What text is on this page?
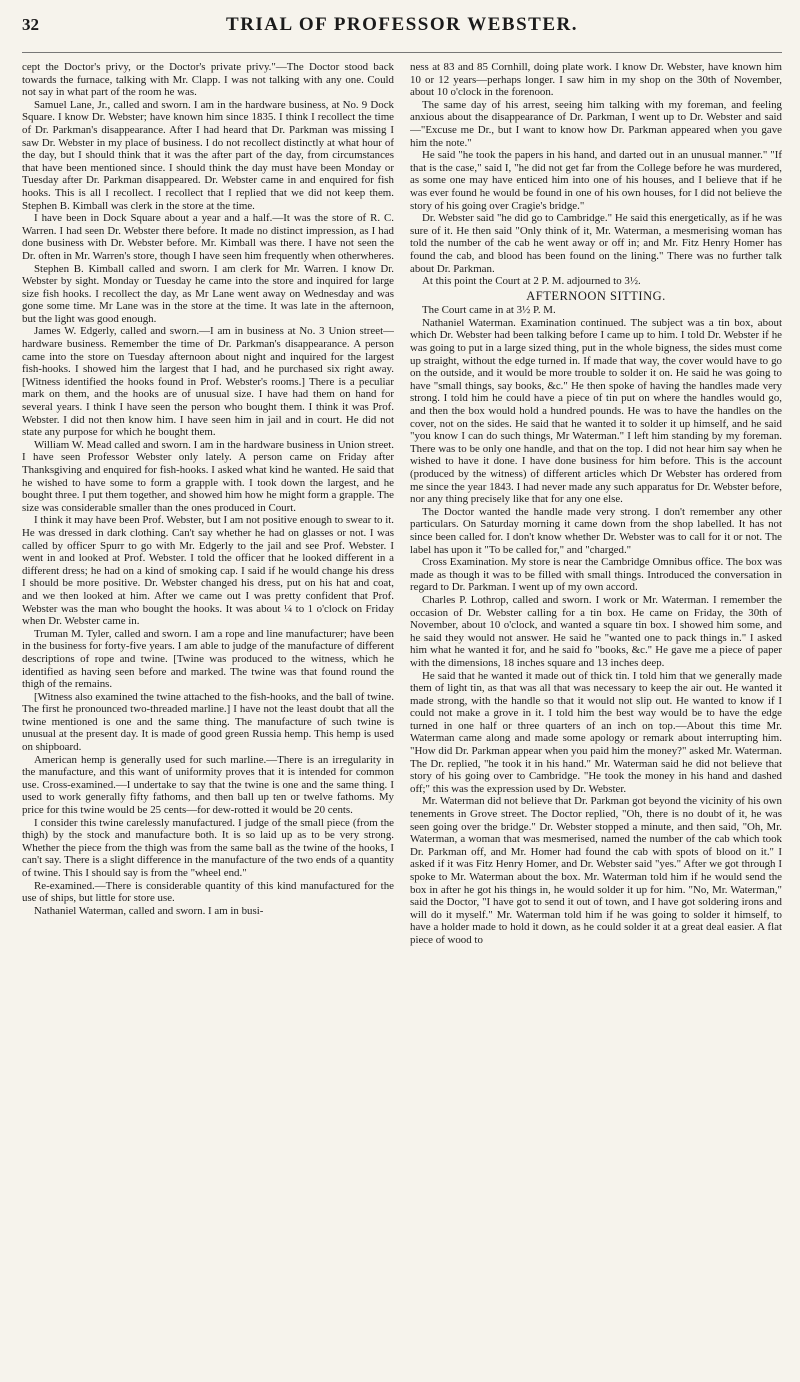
32	TRIAL OF PROFESSOR WEBSTER.

cept the Doctor's privy, or the Doctor's private privy."—The Doctor stood back towards the furnace, talking with Mr. Clapp. I was not talking with any one. Could not say in what part of the room he was.

Samuel Lane, Jr., called and sworn. I am in the hardware business, at No. 9 Dock Square. I know Dr. Webster; have known him since 1835. I think I recollect the time of Dr. Parkman's disappearance. After I had heard that Dr. Parkman was missing I saw Dr. Webster in my place of business. I do not recollect distinctly at what hour of the day, but I should think that it was the after part of the day, from circumstances that have been mentioned since. I should think the day must have been Monday or Tuesday after Dr. Parkman disappeared. Dr. Webster came in and enquired for fish hooks. This is all I recollect. I recollect that I replied that we did not keep them. Stephen B. Kimball was clerk in the store at the time.

I have been in Dock Square about a year and a half.—It was the store of R. C. Warren. I had seen Dr. Webster there before. It made no distinct impression, as I had done business with Dr. Webster before. Mr. Kimball was there. I have not seen the Dr. often in Mr. Warren's store, though I have seen him frequently when otherwheres.

Stephen B. Kimball called and sworn. I am clerk for Mr. Warren. I know Dr. Webster by sight. Monday or Tuesday he came into the store and inquired for large size fish hooks. I recollect the day, as Mr Lane went away on Wednesday and was gone some time. Mr Lane was in the store at the time. It was late in the afternoon, but the light was good enough.

James W. Edgerly, called and sworn.—I am in business at No. 3 Union street—hardware business. Remember the time of Dr. Parkman's disappearance. A person came into the store on Tuesday afternoon about night and inquired for the largest fish-hooks. I showed him the largest that I had, and he purchased six right away. [Witness identified the hooks found in Prof. Webster's rooms.] There is a peculiar mark on them, and the hooks are of unusual size. I have had them on hand for several years. I think I have seen the person who bought them. I think it was Prof. Webster. I did not then know him. I have seen him in jail and in court. He did not state any purpose for which he bought them.

William W. Mead called and sworn. I am in the hardware business in Union street. I have seen Professor Webster only lately. A person came on Friday after Thanksgiving and enquired for fish-hooks. I asked what kind he wanted. He said that he wished to have some to form a grapple with. I took down the largest, and he bought three. I put them together, and showed him how he might form a grapple. The size was considerable smaller than the ones produced in Court.

I think it may have been Prof. Webster, but I am not positive enough to swear to it. He was dressed in dark clothing. Can't say whether he had on glasses or not. I was called by officer Spurr to go with Mr. Edgerly to the jail and see Prof. Webster. I went in and looked at Prof. Webster. I told the officer that he looked different in a different dress; he had on a kind of smoking cap. I said if he would change his dress I should be more positive. Dr. Webster changed his dress, put on his hat and coat, and we then looked at him. After we came out I was pretty confident that Prof. Webster was the man who bought the hooks. It was about ¼ to 1 o'clock on Friday when Dr. Webster came in.

Truman M. Tyler, called and sworn. I am a rope and line manufacturer; have been in the business for forty-five years. I am able to judge of the manufacture of different descriptions of rope and twine. [Twine was produced to the witness, which he identified as having seen before and marked. The twine was that found round the thigh of the remains.

[Witness also examined the twine attached to the fish-hooks, and the ball of twine. The first he pronounced two-threaded marline.] I have not the least doubt that all the twine mentioned is one and the same thing. The manufacture of such twine is unusual at the present day. It is made of good green Russia hemp. This hemp is used on shipboard.

American hemp is generally used for such marline.—There is an irregularity in the manufacture, and this want of uniformity proves that it is intended for common use. Cross-examined.—I undertake to say that the twine is one and the same thing. I used to work generally fifty fathoms, and then ball up ten or twelve fathoms. My price for this twine would be 25 cents—for dew-rotted it would be 20 cents.

I consider this twine carelessly manufactured. I judge of the small piece (from the thigh) by the stock and manufacture both. It is so laid up as to be very strong. Whether the piece from the thigh was from the same ball as the twine of the hooks, I can't say. There is a slight difference in the manufacture of the two ends of a quantity of twine. This I should say is from the "wheel end."

Re-examined.—There is considerable quantity of this kind manufactured for the use of ships, but little for store use.

Nathaniel Waterman, called and sworn. I am in busi-

ness at 83 and 85 Cornhill, doing plate work. I know Dr. Webster, have known him 10 or 12 years—perhaps longer. I saw him in my shop on the 30th of November, about 10 o'clock in the forenoon.

The same day of his arrest, seeing him talking with my foreman, and feeling anxious about the disappearance of Dr. Parkman, I went up to Dr. Webster and said—"Excuse me Dr., but I want to know how Dr. Parkman appeared when you gave him the note."

He said "he took the papers in his hand, and darted out in an unusual manner." "If that is the case," said I, "he did not get far from the College before he was murdered, as some one may have enticed him into one of his houses, and I believe that if he was ever found he would be found in one of his own houses, for I did not believe the story of his going over Cragie's bridge."

Dr. Webster said "he did go to Cambridge." He said this energetically, as if he was sure of it. He then said "Only think of it, Mr. Waterman, a mesmerising woman has told the number of the cab he went away or off in; and Mr. Fitz Henry Homer has found the cab, and blood has been found on the lining." There was no further talk about Dr. Parkman.

At this point the Court at 2 P. M. adjourned to 3½.

AFTERNOON SITTING.

The Court came in at 3½ P. M.

Nathaniel Waterman. Examination continued. The subject was a tin box, about which Dr. Webster had been talking before I came up to him. I told Dr. Webster if he was going to put in a large sized thing, put in the whole bigness, the sides must come up straight, without the edge turned in. If made that way, the cover would have to go on the outside, and it would be more trouble to solder it on. He said he was going to have "small things, say books, &c." He then spoke of having the handles made very strong. I told him he could have a piece of tin put on where the handles would go, and then the box would hold a hundred pounds. He was to have the handles on the cover, not on the sides. He said that he wanted it to solder it up himself, and he said "you know I can do such things, Mr Waterman." I left him standing by my foreman. There was to be only one handle, and that on the top. I did not hear him say when he wished to have it done. I have done business for him before. This is the account (produced by the witness) of different articles which Dr Webster has ordered from me since the year 1843. I had never made any such apparatus for Dr. Webster before, nor any thing precisely like that for any one else.

The Doctor wanted the handle made very strong. I don't remember any other particulars. On Saturday morning it came down from the shop labelled. It has not since been called for. I don't know whether Dr. Webster was to call for it or not. The label has upon it "To be called for," and "charged."

Cross Examination. My store is near the Cambridge Omnibus office. The box was made as though it was to be filled with small things. Introduced the conversation in regard to Dr. Parkman. I went up of my own accord.

Charles P. Lothrop, called and sworn. I work or Mr. Waterman. I remember the occasion of Dr. Webster calling for a tin box. He came on Friday, the 30th of November, about 10 o'clock, and wanted a square tin box. I showed him some, and he said they would not answer. He said he "wanted one to pack things in." I asked him what he wanted it for, and he said fo "books, &c." He gave me a piece of paper with the dimensions, 18 inches square and 13 inches deep.

He said that he wanted it made out of thick tin. I told him that we generally made them of light tin, as that was all that was necessary to keep the air out. He wanted it made strong, with the handle so that it would not slip out. He wanted to know if I could not make a grove in it. I told him the best way would be to have the edge turned in one half or three quarters of an inch on top.—About this time Mr. Waterman came along and made some apology or remark about interrupting him. "How did Dr. Parkman appear when you paid him the money?" asked Mr. Waterman. The Dr. replied, "he took it in his hand." Mr. Waterman said he did not believe that story of his going over to Cambridge. "He took the money in his hand and dashed off;" this was the expression used by Dr. Webster.

Mr. Waterman did not believe that Dr. Parkman got beyond the vicinity of his own tenements in Grove street. The Doctor replied, "Oh, there is no doubt of it, he was seen going over the bridge." Dr. Webster stopped a minute, and then said, "Oh, Mr. Waterman, a woman that was mesmerised, named the number of the cab which took Dr. Parkman off, and Mr. Homer had found the cab with spots of blood on it." I asked if it was Fitz Henry Homer, and Dr. Webster said "yes." After we got through I spoke to Mr. Waterman about the box. Mr. Waterman told him if he would send the box in after he got his things in, he would solder it up for him. "No, Mr. Waterman," said the Doctor, "I have got to send it out of town, and I have got soldering irons and will do it myself." Mr. Waterman told him if he was going to solder it himself, to have a holder made to hold it down, as he could solder it at a great deal easier. A flat piece of wood to
